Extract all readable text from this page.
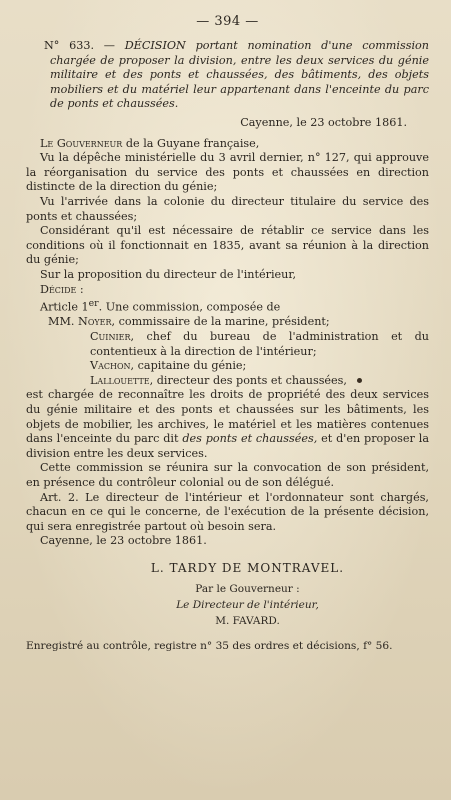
— 394 —

N° 633. — DÉCISION portant nomination d'une commission chargée de proposer la division, entre les deux services du génie militaire et des ponts et chaussées, des bâtiments, des objets mobiliers et du matériel leur appartenant dans l'enceinte du parc de ponts et chaussées.

Cayenne, le 23 octobre 1861.

Le Gouverneur de la Guyane française,

Vu la dépêche ministérielle du 3 avril dernier, n° 127, qui approuve la réorganisation du service des ponts et chaussées en direction distincte de la direction du génie;

Vu l'arrivée dans la colonie du directeur titulaire du service des ponts et chaussées;

Considérant qu'il est nécessaire de rétablir ce service dans les conditions où il fonctionnait en 1835, avant sa réunion à la direction du génie;

Sur la proposition du directeur de l'intérieur,

Décide :

Article 1er. Une commission, composée de

MM. Noyer, commissaire de la marine, président;

Cuinier, chef du bureau de l'administration et du contentieux à la direction de l'intérieur;

Vachon, capitaine du génie;

Lallouette, directeur des ponts et chaussées,

est chargée de reconnaître les droits de propriété des deux services du génie militaire et des ponts et chaussées sur les bâtiments, les objets de mobilier, les archives, le matériel et les matières contenues dans l'enceinte du parc dit des ponts et chaussées, et d'en proposer la division entre les deux services.

Cette commission se réunira sur la convocation de son président, en présence du contrôleur colonial ou de son délégué.

Art. 2. Le directeur de l'intérieur et l'ordonnateur sont chargés, chacun en ce qui le concerne, de l'exécution de la présente décision, qui sera enregistrée partout où besoin sera.

Cayenne, le 23 octobre 1861.

L. TARDY DE MONTRAVEL.
Par le Gouverneur :
Le Directeur de l'intérieur,
M. FAVARD.
Enregistré au contrôle, registre n° 35 des ordres et décisions, f° 56.
